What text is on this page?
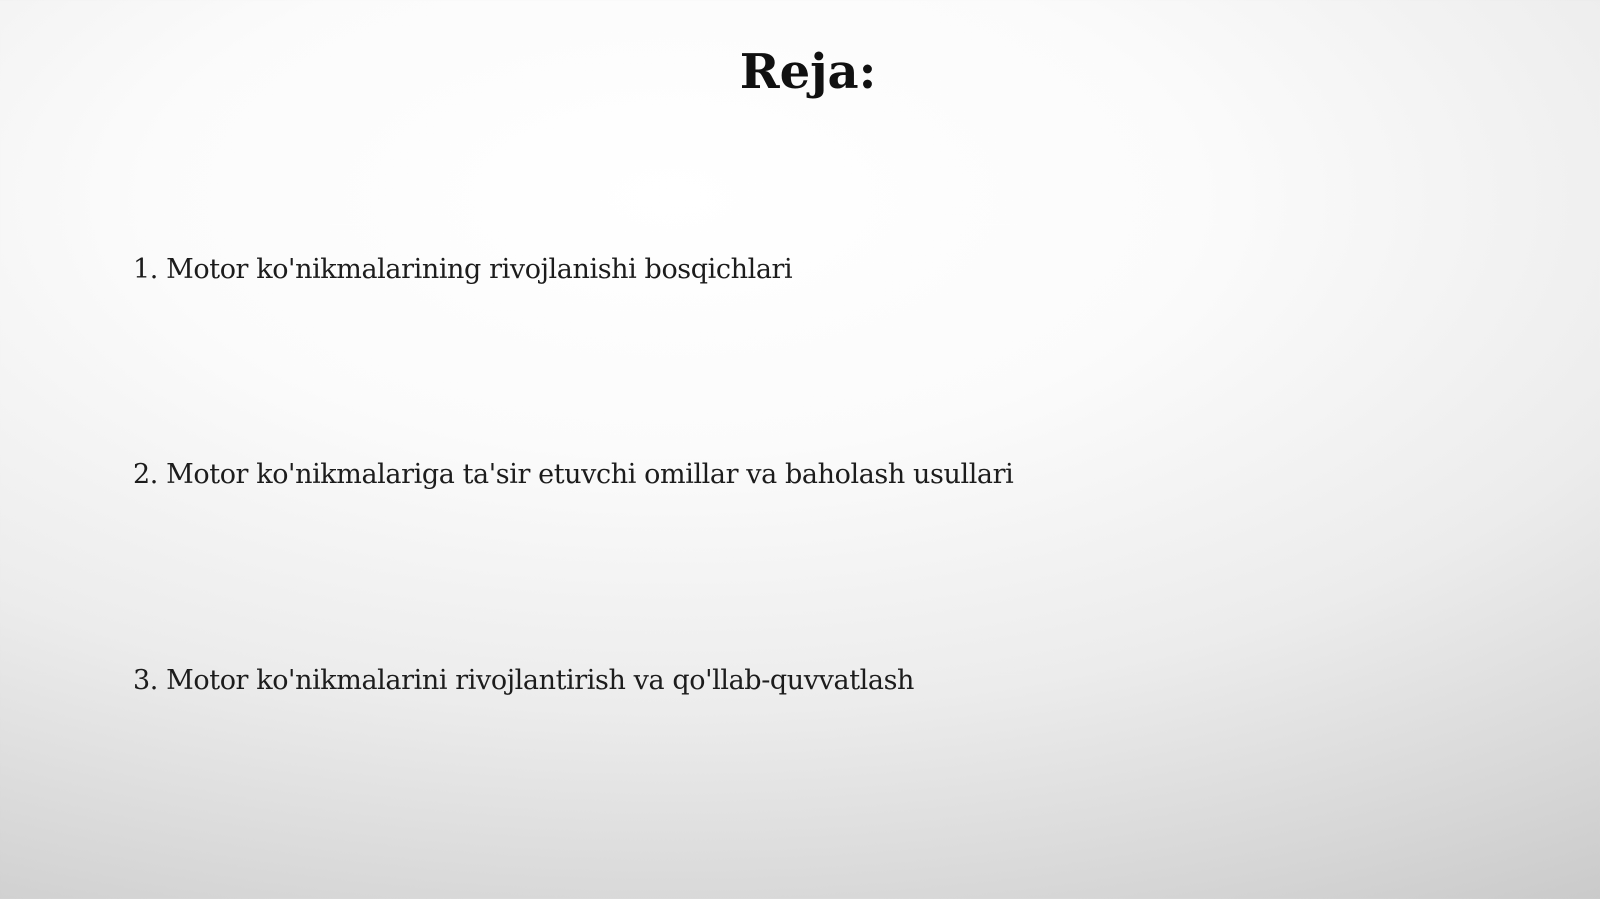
Reja:
1. Motor ko'nikmalarining rivojlanishi bosqichlari
2. Motor ko'nikmalariga ta'sir etuvchi omillar va baholash usullari
3. Motor ko'nikmalarini rivojlantirish va qo'llab-quvvatlash
